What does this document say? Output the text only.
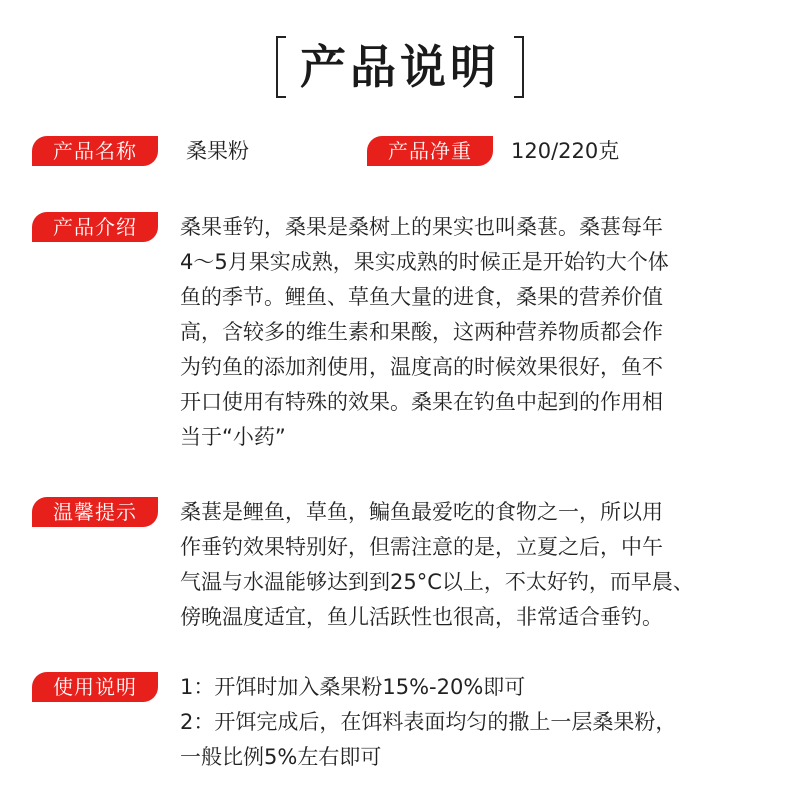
产品说明
产品名称	桑果粉	产品净重	120/220克
产品介绍	桑果垂钓，桑果是桑树上的果实也叫桑葚。桑葚每年
4～5月果实成熟，果实成熟的时候正是开始钓大个体
鱼的季节。鲤鱼、草鱼大量的进食，桑果的营养价值
高，含较多的维生素和果酸，这两种营养物质都会作
为钓鱼的添加剂使用，温度高的时候效果很好，鱼不
开口使用有特殊的效果。桑果在钓鱼中起到的作用相
当于“小药”

温馨提示	桑葚是鲤鱼，草鱼，鳊鱼最爱吃的食物之一，所以用
作垂钓效果特别好，但需注意的是，立夏之后，中午
气温与水温能够达到到25°C以上，不太好钓，而早晨、
傍晚温度适宜，鱼儿活跃性也很高，非常适合垂钓。

使用说明	1：开饵时加入桑果粉15%-20%即可
2：开饵完成后，在饵料表面均匀的撒上一层桑果粉，
一般比例5%左右即可
